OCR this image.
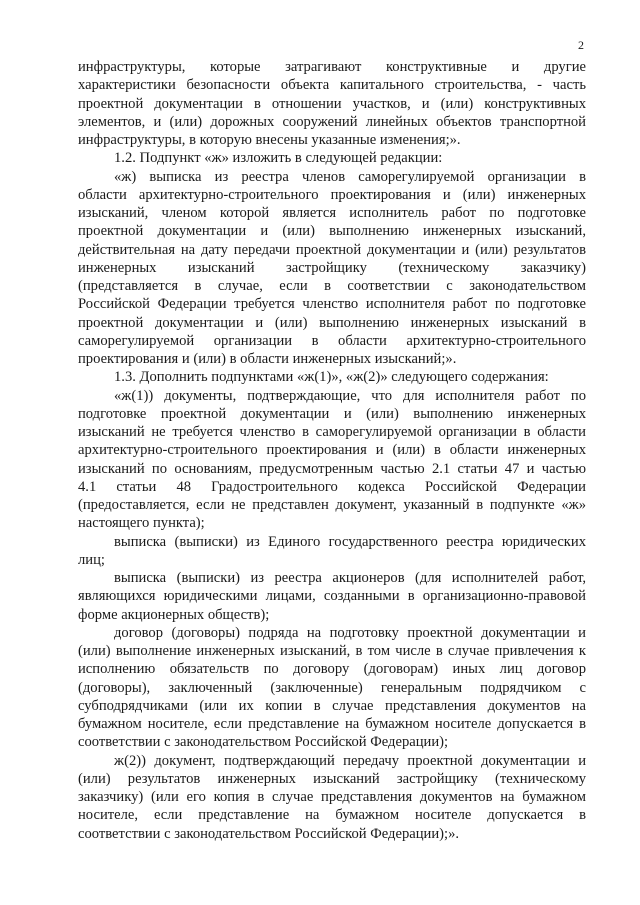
2
инфраструктуры, которые затрагивают конструктивные и другие
характеристики безопасности объекта капитального строительства, - часть
проектной документации в отношении участков, и (или) конструктивных
элементов, и (или) дорожных сооружений линейных объектов транспортной
инфраструктуры, в которую внесены указанные изменения;».
1.2. Подпункт «ж» изложить в следующей редакции:
«ж) выписка из реестра членов саморегулируемой организации в
области архитектурно-строительного проектирования и (или) инженерных
изысканий, членом которой является исполнитель работ по подготовке
проектной документации и (или) выполнению инженерных изысканий,
действительная на дату передачи проектной документации и (или) результатов
инженерных изысканий застройщику (техническому заказчику)
(представляется в случае, если в соответствии с законодательством
Российской Федерации требуется членство исполнителя работ по подготовке
проектной документации и (или) выполнению инженерных изысканий в
саморегулируемой организации в области архитектурно-строительного
проектирования и (или) в области инженерных изысканий;».
1.3. Дополнить подпунктами «ж(1)», «ж(2)» следующего содержания:
«ж(1)) документы, подтверждающие, что для исполнителя работ по
подготовке проектной документации и (или) выполнению инженерных
изысканий не требуется членство в саморегулируемой организации в области
архитектурно-строительного проектирования и (или) в области инженерных
изысканий по основаниям, предусмотренным частью 2.1 статьи 47 и частью
4.1 статьи 48 Градостроительного кодекса Российской Федерации
(предоставляется, если не представлен документ, указанный в подпункте «ж»
настоящего пункта);
выписка (выписки) из Единого государственного реестра юридических
лиц;
выписка (выписки) из реестра акционеров (для исполнителей работ,
являющихся юридическими лицами, созданными в организационно-правовой
форме акционерных обществ);
договор (договоры) подряда на подготовку проектной документации и
(или) выполнение инженерных изысканий, в том числе в случае привлечения к
исполнению обязательств по договору (договорам) иных лиц договор
(договоры), заключенный (заключенные) генеральным подрядчиком с
субподрядчиками (или их копии в случае представления документов на
бумажном носителе, если представление на бумажном носителе допускается в
соответствии с законодательством Российской Федерации);
ж(2)) документ, подтверждающий передачу проектной документации и
(или) результатов инженерных изысканий застройщику (техническому
заказчику) (или его копия в случае представления документов на бумажном
носителе, если представление на бумажном носителе допускается в
соответствии с законодательством Российской Федерации);».
